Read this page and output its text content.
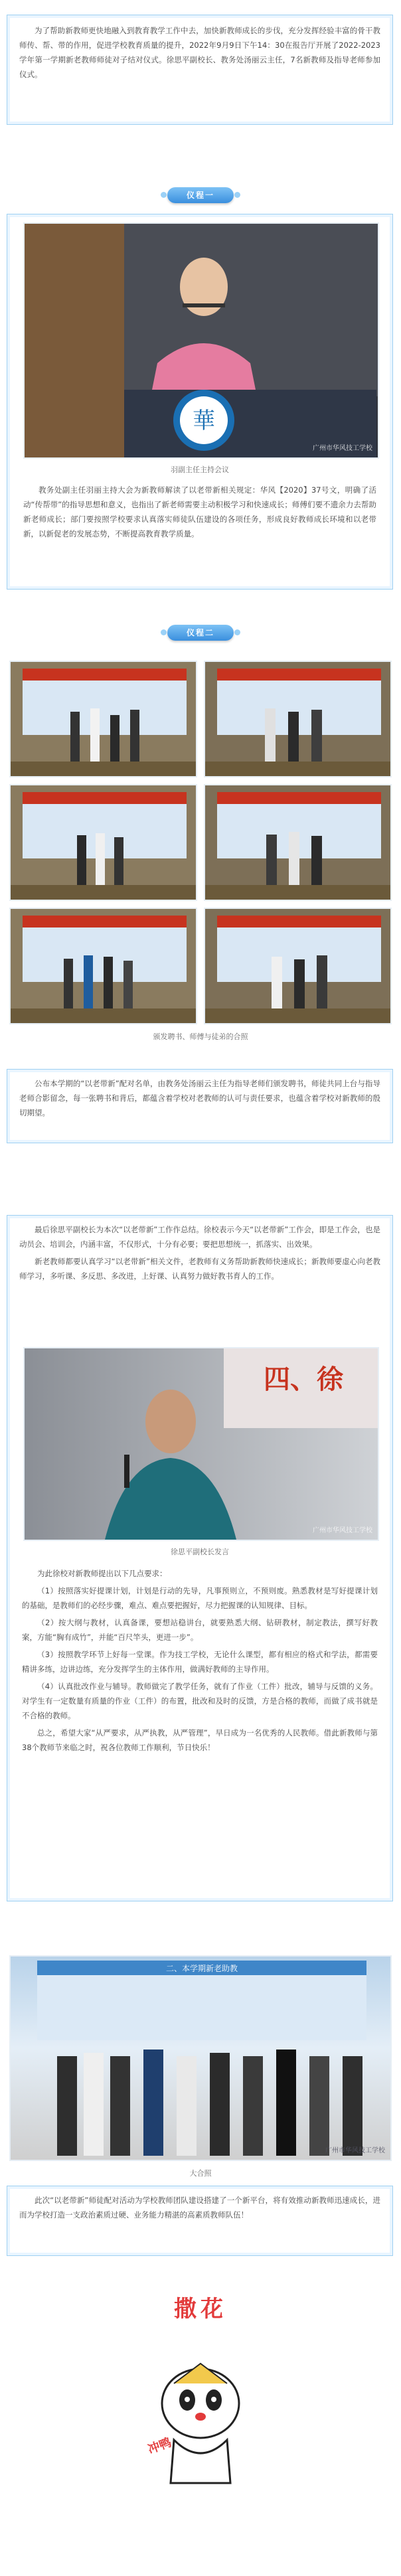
为了帮助新教师更快地融入到教育教学工作中去，加快新教师成长的步伐，充分发挥经验丰富的骨干教师传、帮、带的作用，促进学校教育质量的提升，2022年9月9日下午14：30在报告厅开展了2022-2023学年第一学期新老教师师徒对子结对仪式。徐思平副校长、教务处汤丽云主任，7名新教师及指导老师参加仪式。

仪程一
華
广州市华风技工学校
羽副主任主持会议

教务处副主任羽丽主持大会为新教师解读了以老带新相关规定：华风【2020】37号文，明确了活动“传帮带”的指导思想和意义，也指出了新老师需要主动积极学习和快速成长；师傅们要不遗余力去帮助新老师成长；部门要按照学校要求认真落实师徒队伍建设的各项任务，形成良好教师成长环境和以老带新，以新促老的发展态势，不断提高教育教学质量。

仪程二
颁发聘书、师傅与徒弟的合照

公布本学期的“以老带新”配对名单，由教务处汤丽云主任为指导老师们颁发聘书，师徒共同上台与指导老师合影留念，每一张聘书和背后，都蕴含着学校对老教师的认可与责任要求，也蕴含着学校对新教师的殷切期望。

最后徐思平副校长为本次“以老带新”工作作总结。徐校表示今天“以老带新”工作会，即是工作会，也是动员会、培训会，内涵丰富，不仅形式，十分有必要；要把思想统一，抓落实、出效果。

新老教师都要认真学习“以老带新”相关文件，老教师有义务帮助新教师快速成长；新教师要虚心向老教师学习，多听课、多反思、多改进，上好课、认真努力做好教书育人的工作。

四、徐
广州市华风技工学校
徐思平副校长发言

为此徐校对新教师提出以下几点要求：

（1）按照落实好提课计划，计划是行动的先导，凡事预则立，不预则废。熟悉教材是写好提课计划的基础，是教师们的必经步骤，难点、难点要把握好，尽力把握课的认知规律、目标。

（2）按大纲与教材，认真备课，要想站稳讲台，就要熟悉大纲、钻研教材，制定教法，撰写好教案，方能“胸有成竹”，并能“百尺竿头，更进一步”。

（3）按照教学环节上好每一堂课。作为技工学校，无论什么课型，都有相应的格式和学法，都需要精讲多练，边讲边练，充分发挥学生的主体作用，做满好教师的主导作用。

（4）认真批改作业与辅导。教师做完了教学任务，就有了作业（工件）批改，辅导与反馈的义务。对学生有一定数量有质量的作业（工件）的布置，批改和及时的反馈，方是合格的教师，而做了成书就是不合格的教师。

总之，希望大家“从严要求，从严执教，从严管理”，早日成为一名优秀的人民教师。借此新教师与第38个教师节来临之时，祝各位教师工作顺利，节日快乐！

二、本学期新老助教
广州市华风技工学校
大合照

此次“以老带新”师徒配对活动为学校教师团队建设搭建了一个新平台，将有效推动新教师迅速成长，进而为学校打造一支政治素质过硬、业务能力精湛的高素质教师队伍！

撒花
冲鸭
